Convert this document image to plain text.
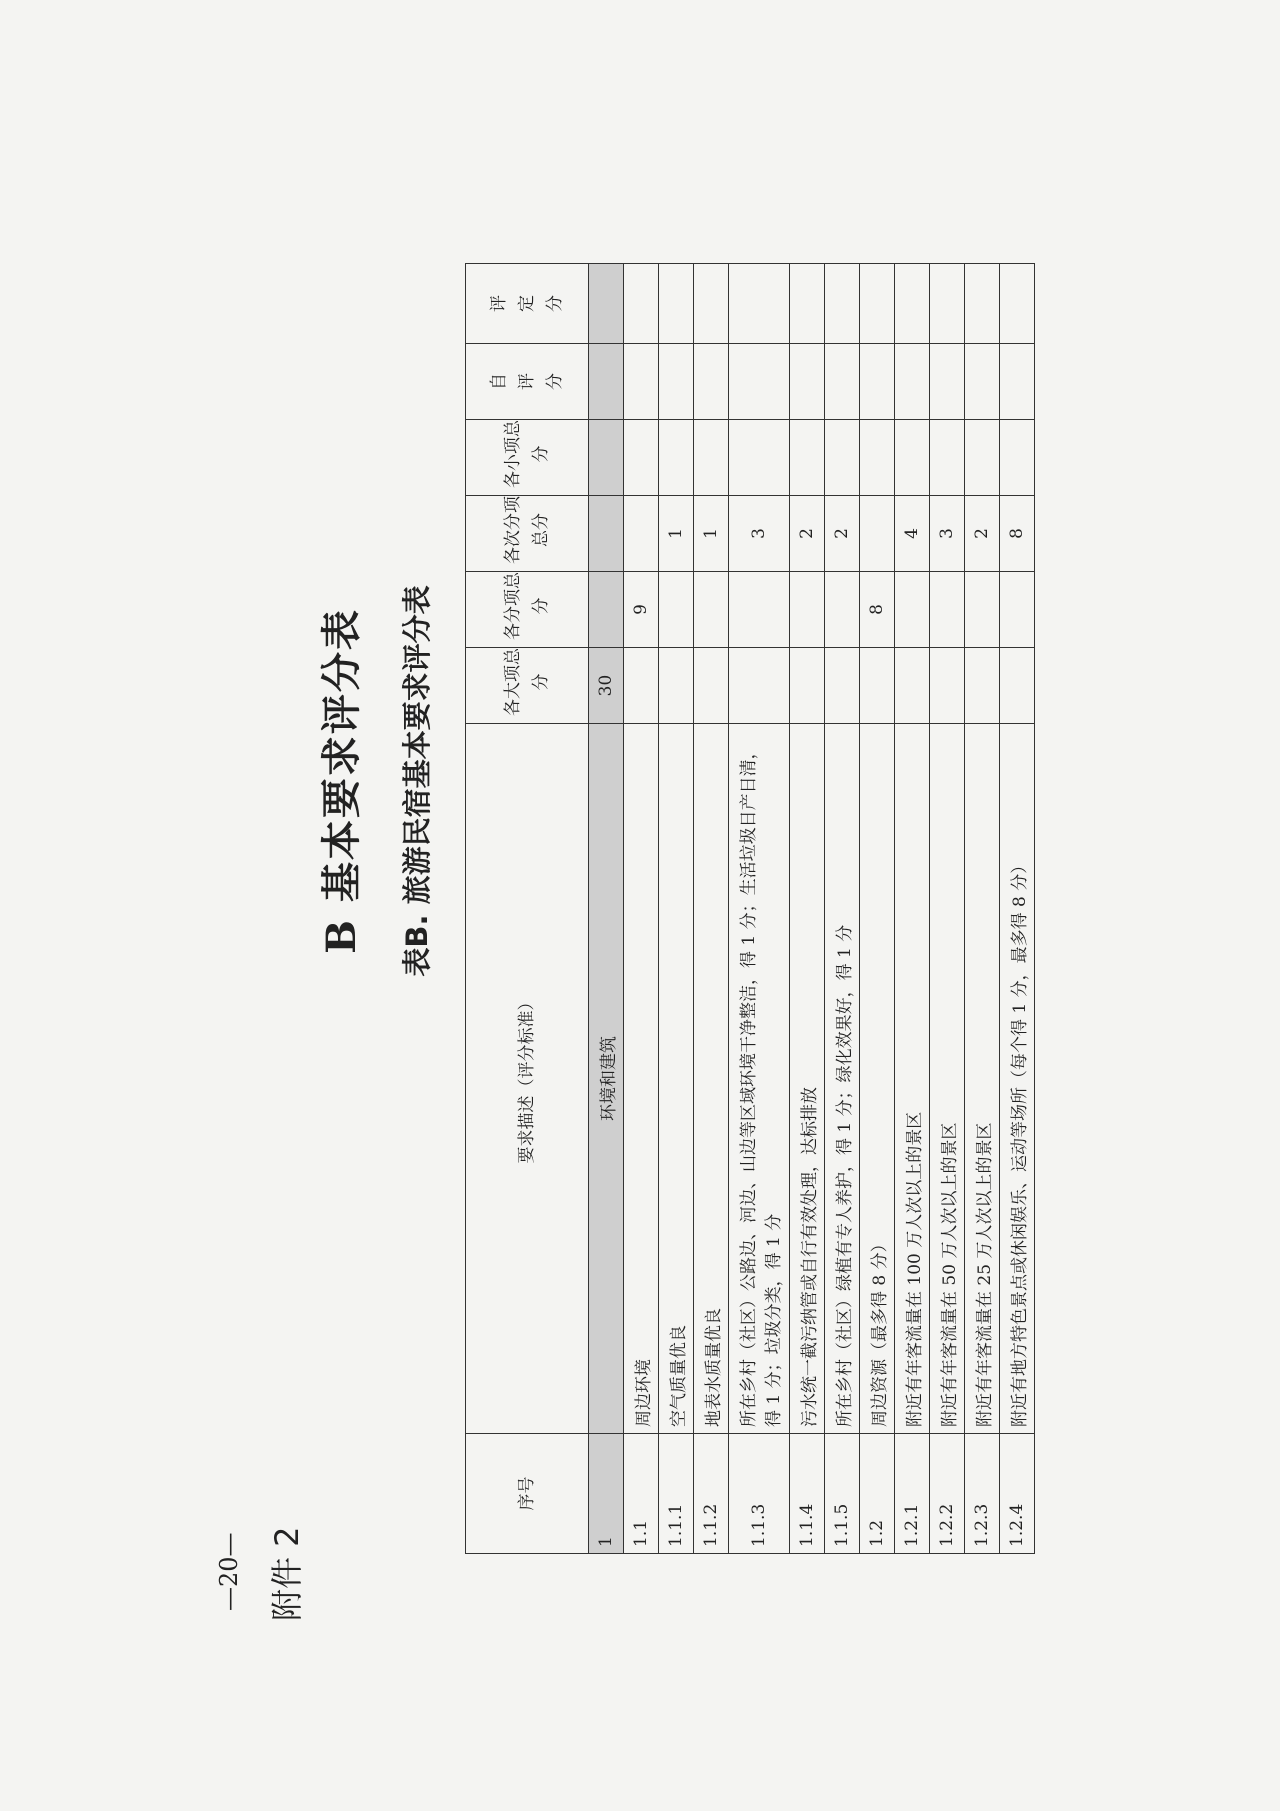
—20— 附件 2
B 基本要求评分表 表B. 旅游民宿基本要求评分表
序号	要求描述（评分标准）	各大项总分	各分项总分	各次分项总分	各小项总分	自评分	评定分
1	环境和建筑	30					
1.1	周边环境		9				
1.1.1	空气质量优良			1			
1.1.2	地表水质量优良			1			
1.1.3	所在乡村（社区）公路边、河边、山边等区域环境干净整洁，得 1 分；生活垃圾日产日清，得 1 分；垃圾分类，得 1 分			3			
1.1.4	污水统一截污纳管或自行有效处理，达标排放			2			
1.1.5	所在乡村（社区）绿植有专人养护，得 1 分；绿化效果好，得 1 分			2			
1.2	周边资源（最多得 8 分）		8				
1.2.1	附近有年客流量在 100 万人次以上的景区			4			
1.2.2	附近有年客流量在 50 万人次以上的景区			3			
1.2.3	附近有年客流量在 25 万人次以上的景区			2			
1.2.4	附近有地方特色景点或休闲娱乐、运动等场所（每个得 1 分，最多得 8 分）			8			
